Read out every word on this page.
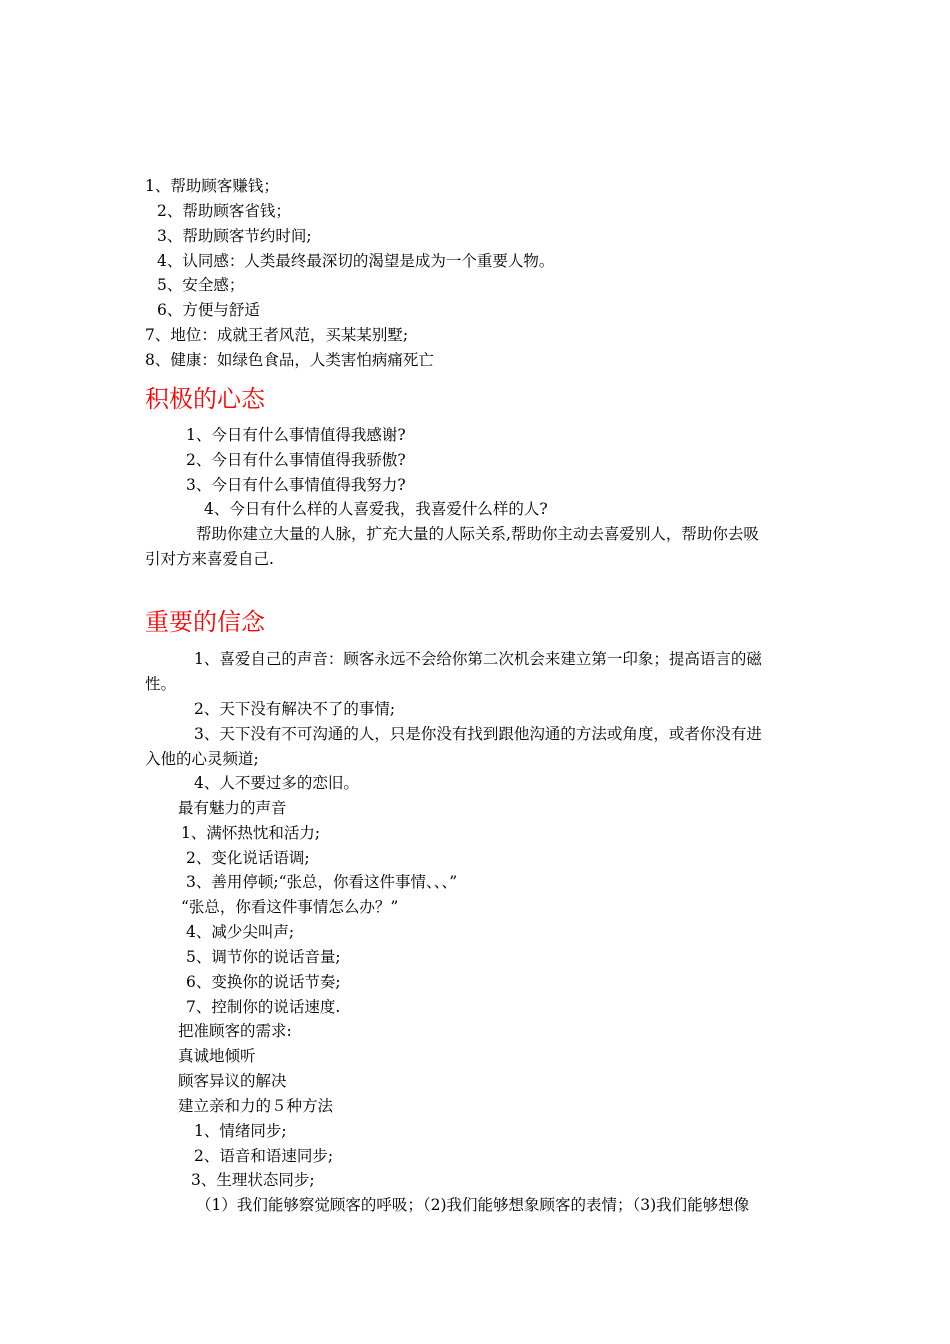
1、帮助顾客赚钱；
2、帮助顾客省钱；
3、帮助顾客节约时间;
4、认同感：人类最终最深切的渴望是成为一个重要人物。
5、安全感；
6、方便与舒适
7、地位：成就王者风范，买某某别墅;
8、健康：如绿色食品，人类害怕病痛死亡
积极的心态
1、今日有什么事情值得我感谢?
2、今日有什么事情值得我骄傲?
3、今日有什么事情值得我努力?
4、今日有什么样的人喜爱我，我喜爱什么样的人?
帮助你建立大量的人脉，扩充大量的人际关系,帮助你主动去喜爱别人，帮助你去吸
引对方来喜爱自己.
重要的信念
1、喜爱自己的声音：顾客永远不会给你第二次机会来建立第一印象；提高语言的磁
性。
2、天下没有解决不了的事情;
3、天下没有不可沟通的人，只是你没有找到跟他沟通的方法或角度，或者你没有进
入他的心灵频道;
4、人不要过多的恋旧。
最有魅力的声音
1、满怀热忱和活力;
2、变化说话语调;
3、善用停顿;“张总，你看这件事情、、、”
“张总，你看这件事情怎么办？”
4、减少尖叫声;
5、调节你的说话音量;
6、变换你的说话节奏;
7、控制你的说话速度.
把准顾客的需求:
真诚地倾听
顾客异议的解决
建立亲和力的５种方法
1、情绪同步;
2、语音和语速同步;
3、生理状态同步;
（1）我们能够察觉顾客的呼吸；（2)我们能够想象顾客的表情；（3)我们能够想像
